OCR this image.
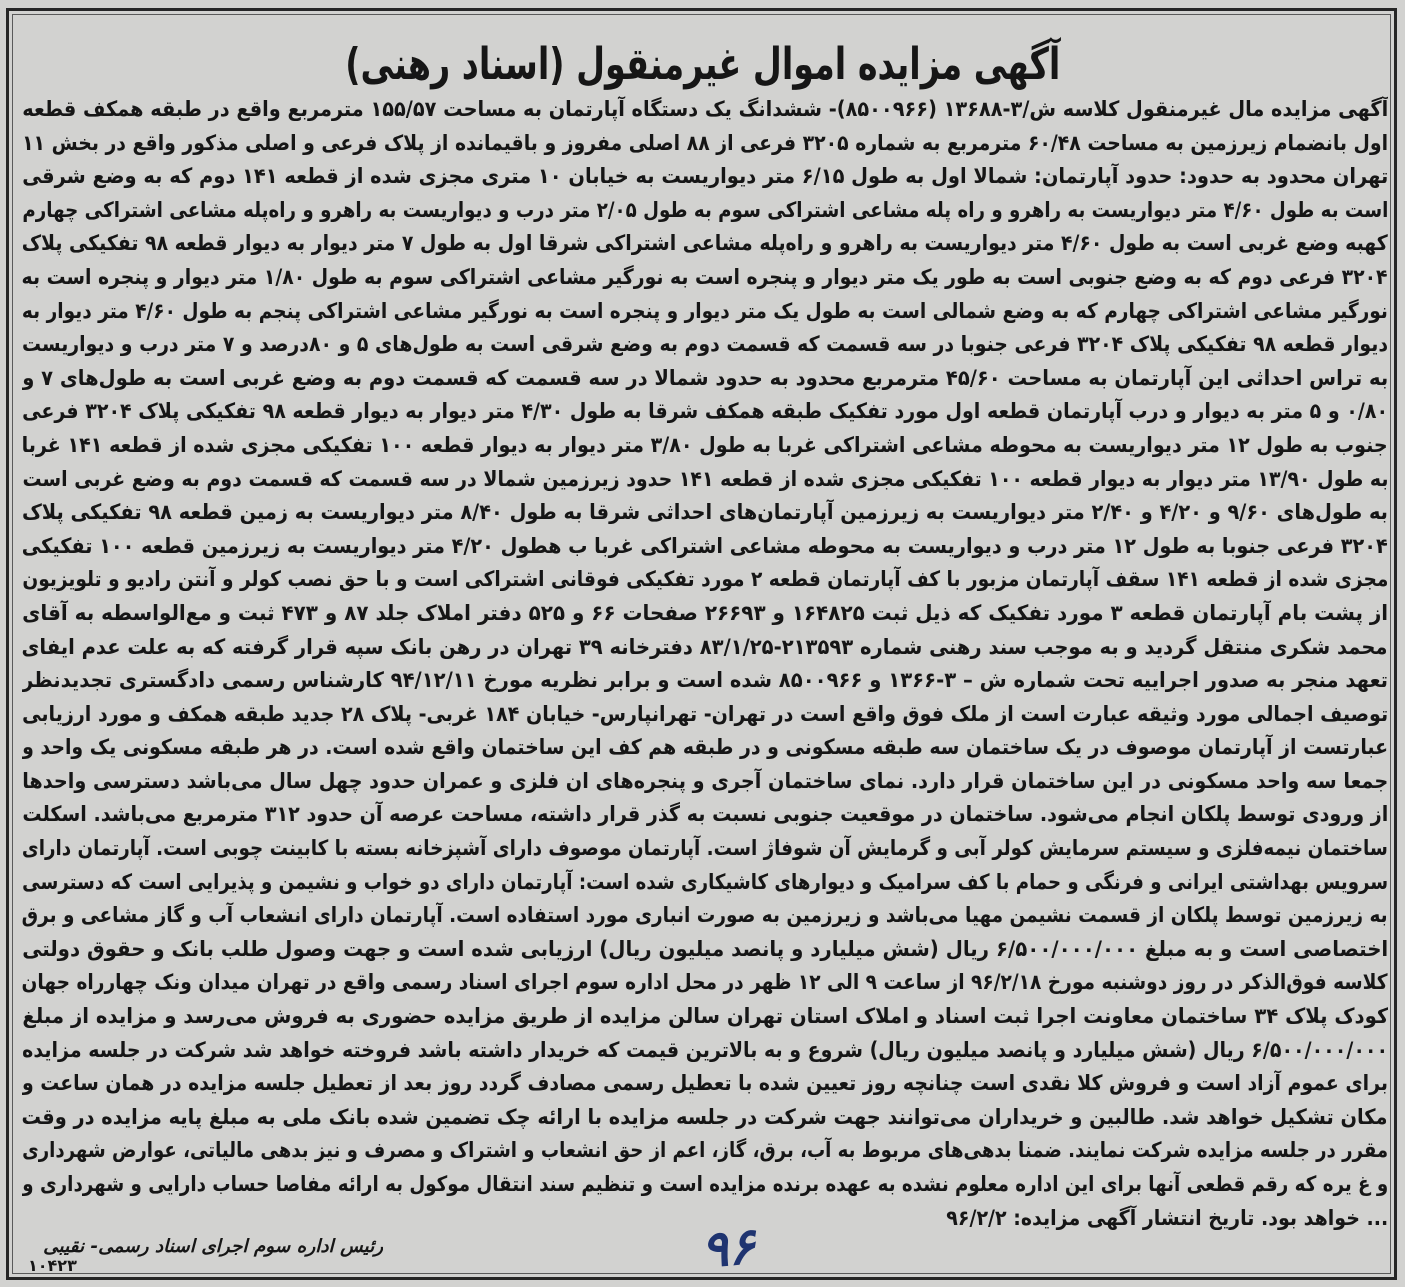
آگهی مزایده اموال غیرمنقول (اسناد رهنی)
آگهی مزایده مال غیرمنقول کلاسه ش/۳-۱۳۶۸۸ (۸۵۰۰۹۶۶)- ششدانگ یک دستگاه آپارتمان به مساحت ۱۵۵/۵۷ مترمربع واقع در طبقه همکف قطعه
اول بانضمام زیرزمین به مساحت ۶۰/۴۸ مترمربع به شماره ۳۲۰۵ فرعی از ۸۸ اصلی مفروز و باقیمانده از پلاک فرعی و اصلی مذکور واقع در بخش ۱۱
تهران محدود به حدود: حدود آپارتمان: شمالا اول به طول ۶/۱۵ متر دیواریست به خیابان ۱۰ متری مجزی شده از قطعه ۱۴۱ دوم که به وضع شرقی
است به طول ۴/۶۰ متر دیواریست به راهرو و راه پله مشاعی اشتراکی سوم به طول ۲/۰۵ متر درب و دیواریست به راهرو و راه‌پله مشاعی اشتراکی چهارم
کهبه وضع غربی است به طول ۴/۶۰ متر دیواریست به راهرو و راه‌پله مشاعی اشتراکی شرقا اول به طول ۷ متر دیوار به دیوار قطعه ۹۸ تفکیکی پلاک
۳۲۰۴ فرعی دوم که به وضع جنوبی است به طور یک متر دیوار و پنجره است به نورگیر مشاعی اشتراکی سوم به طول ۱/۸۰ متر دیوار و پنجره است به
نورگیر مشاعی اشتراکی چهارم که به وضع شمالی است به طول یک متر دیوار و پنجره است به نورگیر مشاعی اشتراکی پنجم به طول ۴/۶۰ متر دیوار به
دیوار قطعه ۹۸ تفکیکی پلاک ۳۲۰۴ فرعی جنوبا در سه قسمت که قسمت دوم به وضع شرقی است به طول‌های ۵ و ۸۰درصد و ۷ متر درب و دیواریست
به تراس احداثی این آپارتمان به مساحت ۴۵/۶۰ مترمربع محدود به حدود شمالا در سه قسمت که قسمت دوم به وضع غربی است به طول‌های ۷ و
۰/۸۰ و ۵ متر به دیوار و درب آپارتمان قطعه اول مورد تفکیک طبقه همکف شرقا به طول ۴/۳۰ متر دیوار به دیوار قطعه ۹۸ تفکیکی پلاک ۳۲۰۴ فرعی
جنوب به طول ۱۲ متر دیواریست به محوطه مشاعی اشتراکی غربا به طول ۳/۸۰ متر دیوار به دیوار قطعه ۱۰۰ تفکیکی مجزی شده از قطعه ۱۴۱ غربا
به طول ۱۳/۹۰ متر دیوار به دیوار قطعه ۱۰۰ تفکیکی مجزی شده از قطعه ۱۴۱ حدود زیرزمین شمالا در سه قسمت که قسمت دوم به وضع غربی است
به طول‌های ۹/۶۰ و ۴/۲۰ و ۲/۴۰ متر دیواریست به زیرزمین آپارتمان‌های احداثی شرقا به طول ۸/۴۰ متر دیواریست به زمین قطعه ۹۸ تفکیکی پلاک
۳۲۰۴ فرعی جنوبا به طول ۱۲ متر درب و دیواریست به محوطه مشاعی اشتراکی غربا ب هطول ۴/۲۰ متر دیواریست به زیرزمین قطعه ۱۰۰ تفکیکی
مجزی شده از قطعه ۱۴۱ سقف آپارتمان مزبور با کف آپارتمان قطعه ۲ مورد تفکیکی فوقانی اشتراکی است و با حق نصب کولر و آنتن رادیو و تلویزیون
از پشت بام آپارتمان قطعه ۳ مورد تفکیک که ذیل ثبت ۱۶۴۸۲۵ و ۲۶۶۹۳ صفحات ۶۶ و ۵۲۵ دفتر املاک جلد ۸۷ و ۴۷۳ ثبت و مع‌الواسطه به آقای
محمد شکری منتقل گردید و به موجب سند رهنی شماره ۲۱۳۵۹۳-۸۳/۱/۲۵ دفترخانه ۳۹ تهران در رهن بانک سپه قرار گرفته که به علت عدم ایفای
تعهد منجر به صدور اجراییه تحت شماره ش – ۳-۱۳۶۶ و ۸۵۰۰۹۶۶ شده است و برابر نظریه مورخ ۹۴/۱۲/۱۱ کارشناس رسمی دادگستری تجدیدنظر
توصیف اجمالی مورد وثیقه عبارت است از ملک فوق واقع است در تهران- تهرانپارس- خیابان ۱۸۴ غربی- پلاک ۲۸ جدید طبقه همکف و مورد ارزیابی
عبارتست از آپارتمان موصوف در یک ساختمان سه طبقه مسکونی و در طبقه هم کف این ساختمان واقع شده است. در هر طبقه مسکونی یک واحد و
جمعا سه واحد مسکونی در این ساختمان قرار دارد. نمای ساختمان آجری و پنجره‌های ان فلزی و عمران حدود چهل سال می‌باشد دسترسی واحدها
از ورودی توسط پلکان انجام می‌شود. ساختمان در موقعیت جنوبی نسبت به گذر قرار داشته، مساحت عرصه آن حدود ۳۱۲ مترمربع می‌باشد. اسکلت
ساختمان نیمه‌فلزی و سیستم سرمایش کولر آبی و گرمایش آن شوفاژ است. آپارتمان موصوف دارای آشپزخانه بسته با کابینت چوبی است. آپارتمان دارای
سرویس بهداشتی ایرانی و فرنگی و حمام با کف سرامیک و دیوارهای کاشیکاری شده است: آپارتمان دارای دو خواب و نشیمن و پذیرایی است که دسترسی
به زیرزمین توسط پلکان از قسمت نشیمن مهیا می‌باشد و زیرزمین به صورت انباری مورد استفاده است. آپارتمان دارای انشعاب آب و گاز مشاعی و برق
اختصاصی است و به مبلغ ۶/۵۰۰/۰۰۰/۰۰۰ ریال (شش میلیارد و پانصد میلیون ریال) ارزیابی شده است و جهت وصول طلب بانک و حقوق دولتی
کلاسه فوق‌الذکر در روز دوشنبه مورخ ۹۶/۲/۱۸ از ساعت ۹ الی ۱۲ ظهر در محل اداره سوم اجرای اسناد رسمی واقع در تهران میدان ونک چهارراه جهان
کودک پلاک ۳۴ ساختمان معاونت اجرا ثبت اسناد و املاک استان تهران سالن مزایده از طریق مزایده حضوری به فروش می‌رسد و مزایده از مبلغ
۶/۵۰۰/۰۰۰/۰۰۰ ریال (شش میلیارد و پانصد میلیون ریال) شروع و به بالاترین قیمت که خریدار داشته باشد فروخته خواهد شد شرکت در جلسه مزایده
برای عموم آزاد است و فروش کلا نقدی است چنانچه روز تعیین شده با تعطیل رسمی مصادف گردد روز بعد از تعطیل جلسه مزایده در همان ساعت و
مکان تشکیل خواهد شد. طالبین و خریداران می‌توانند جهت شرکت در جلسه مزایده با ارائه چک تضمین شده بانک ملی به مبلغ پایه مزایده در وقت
مقرر در جلسه مزایده شرکت نمایند. ضمنا بدهی‌های مربوط به آب، برق، گاز، اعم از حق انشعاب و اشتراک و مصرف و نیز بدهی مالیاتی، عوارض شهرداری
و غ یره که رقم قطعی آنها برای این اداره معلوم نشده به عهده برنده مزایده است و تنظیم سند انتقال موکول به ارائه مفاصا حساب دارایی و شهرداری و
... خواهد بود. تاریخ انتشار آگهی مزایده: ۹۶/۲/۲
رئیس اداره سوم اجرای اسناد رسمی- نقیبی
۱۰۴۲۳	۹۶
